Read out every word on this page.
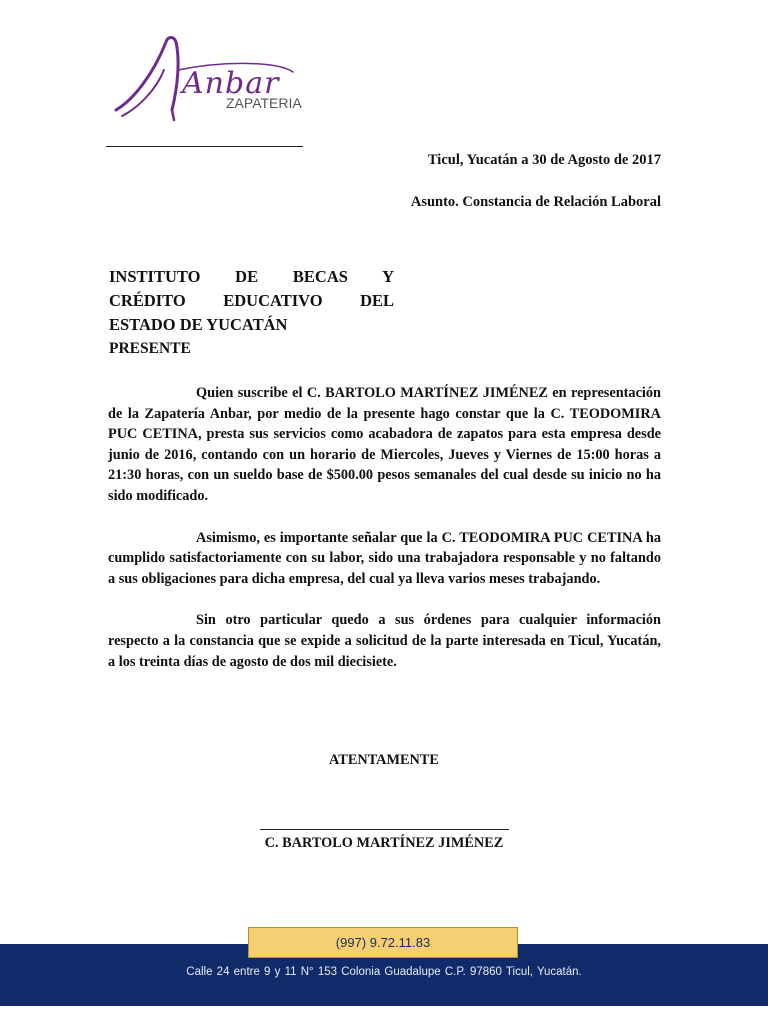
Anbar
ZAPATERIA
Ticul, Yucatán a 30 de Agosto de 2017
Asunto. Constancia de Relación Laboral
INSTITUTO DE BECAS Y
CRÉDITO EDUCATIVO DEL
ESTADO DE YUCATÁN
PRESENTE

Quien suscribe el C. BARTOLO MARTÍNEZ JIMÉNEZ en representación de la Zapatería Anbar, por medio de la presente hago constar que la C. TEODOMIRA PUC CETINA, presta sus servicios como acabadora de zapatos para esta empresa desde junio de 2016, contando con un horario de Miercoles, Jueves y Viernes de 15:00 horas a 21:30 horas, con un sueldo base de $500.00 pesos semanales del cual desde su inicio no ha sido modificado.

Asimismo, es importante señalar que la C. TEODOMIRA PUC CETINA ha cumplido satisfactoriamente con su labor, sido una trabajadora responsable y no faltando a sus obligaciones para dicha empresa, del cual ya lleva varios meses trabajando.

Sin otro particular quedo a sus órdenes para cualquier información respecto a la constancia que se expide a solicitud de la parte interesada en Ticul, Yucatán, a los treinta días de agosto de dos mil diecisiete.

ATENTAMENTE
C. BARTOLO MARTÍNEZ JIMÉNEZ
(997) 9.72.11.83
Calle 24 entre 9 y 11 N° 153 Colonia Guadalupe C.P. 97860 Ticul, Yucatán.
